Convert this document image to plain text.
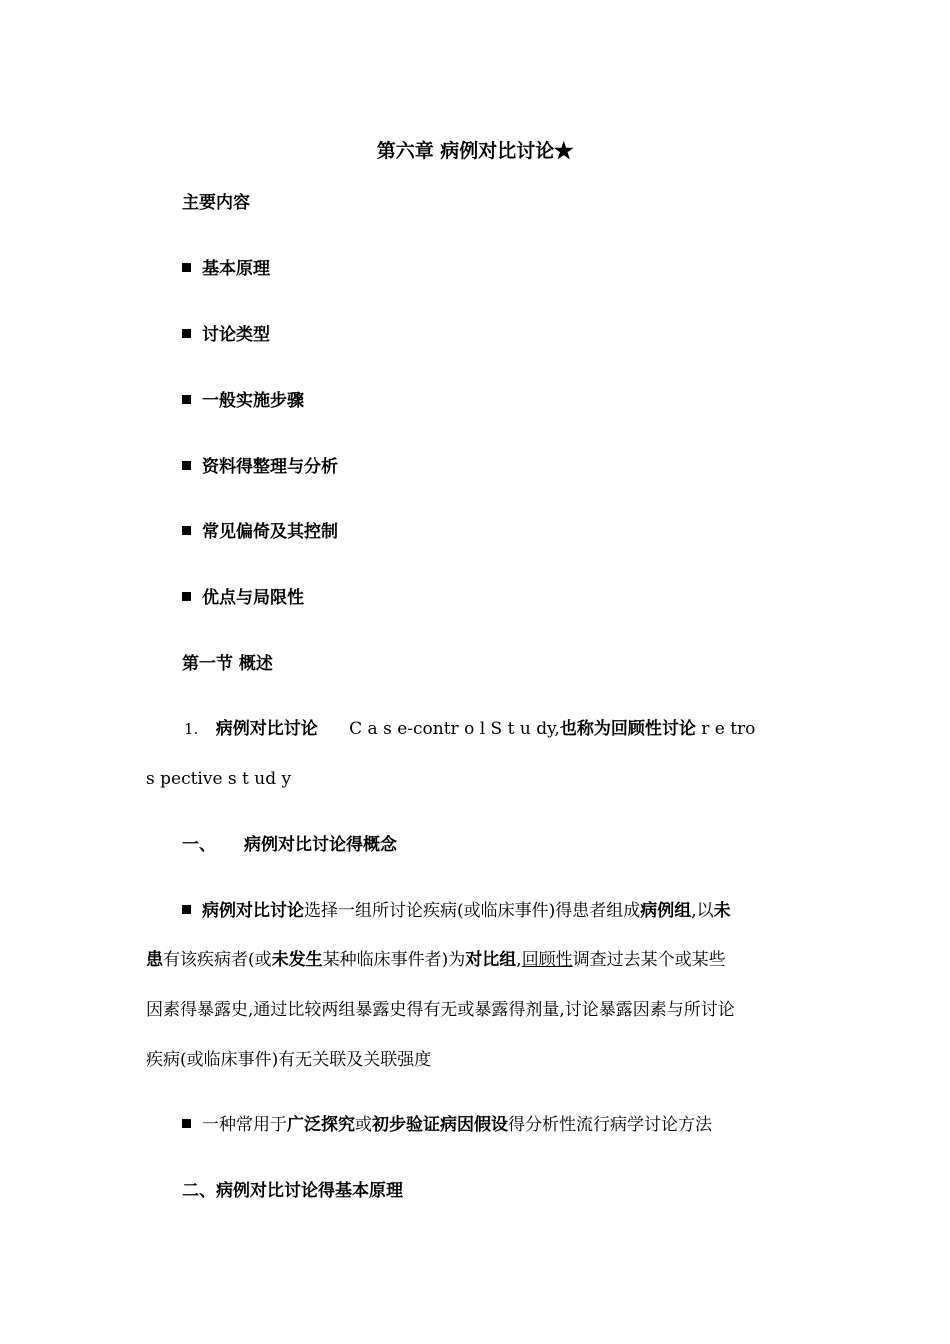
第六章 病例对比讨论★
主要内容
基本原理
讨论类型
一般实施步骤
资料得整理与分析
常见偏倚及其控制
优点与局限性
第一节 概述
1. 病例对比讨论 C a s e-contr o l S t u dy,也称为回顾性讨论 r e tro
s pective s t ud y
一、 病例对比讨论得概念
病例对比讨论选择一组所讨论疾病(或临床事件)得患者组成病例组,以未
患有该疾病者(或未发生某种临床事件者)为对比组,回顾性调查过去某个或某些
因素得暴露史,通过比较两组暴露史得有无或暴露得剂量,讨论暴露因素与所讨论
疾病(或临床事件)有无关联及关联强度
一种常用于广泛探究或初步验证病因假设得分析性流行病学讨论方法
二、病例对比讨论得基本原理
